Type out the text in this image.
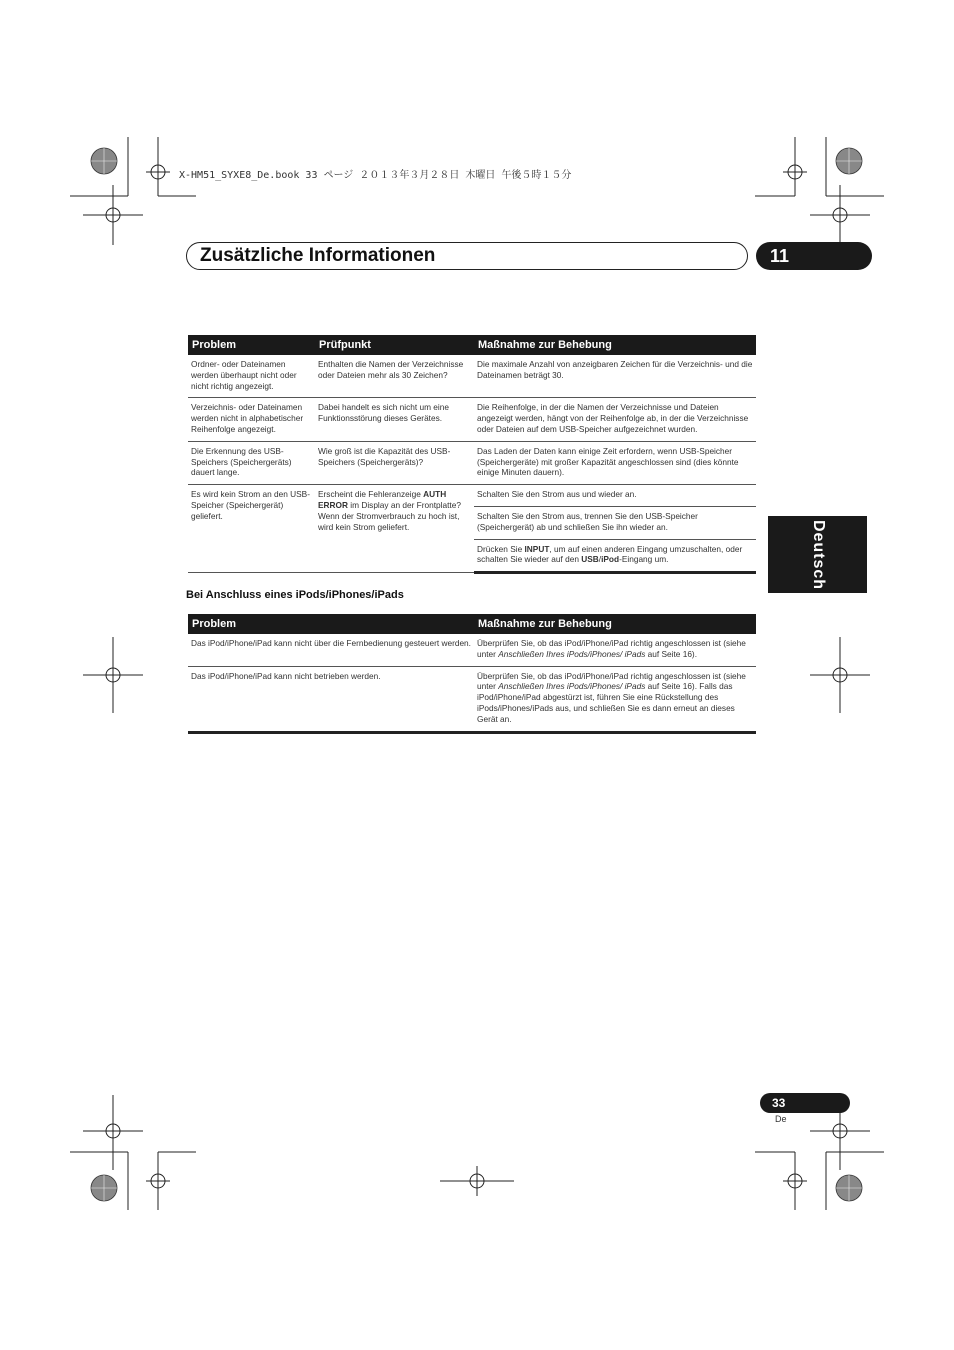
X-HM51_SYXE8_De.book 33 ページ ２０１３年３月２８日 木曜日 午後５時１５分
Zusätzliche Informationen	11
Deutsch
Problem	Prüfpunkt	Maßnahme zur Behebung
Ordner- oder Dateinamen werden überhaupt nicht oder nicht richtig angezeigt.	Enthalten die Namen der Verzeichnisse oder Dateien mehr als 30 Zeichen?	Die maximale Anzahl von anzeigbaren Zeichen für die Verzeichnis- und die Dateinamen beträgt 30.
Verzeichnis- oder Dateinamen werden nicht in alphabetischer Reihenfolge angezeigt.	Dabei handelt es sich nicht um eine Funktionsstörung dieses Gerätes.	Die Reihenfolge, in der die Namen der Verzeichnisse und Dateien angezeigt werden, hängt von der Reihenfolge ab, in der die Verzeichnisse oder Dateien auf dem USB-Speicher aufgezeichnet wurden.
Die Erkennung des USB-Speichers (Speichergeräts) dauert lange.	Wie groß ist die Kapazität des USB-Speichers (Speichergeräts)?	Das Laden der Daten kann einige Zeit erfordern, wenn USB-Speicher (Speichergeräte) mit großer Kapazität angeschlossen sind (dies könnte einige Minuten dauern).
Es wird kein Strom an den USB-Speicher (Speichergerät) geliefert.	Erscheint die Fehleranzeige AUTH ERROR im Display an der Frontplatte? Wenn der Stromverbrauch zu hoch ist, wird kein Strom geliefert.	Schalten Sie den Strom aus und wieder an.
		Schalten Sie den Strom aus, trennen Sie den USB-Speicher (Speichergerät) ab und schließen Sie ihn wieder an.
		Drücken Sie INPUT, um auf einen anderen Eingang umzuschalten, oder schalten Sie wieder auf den USB/iPod-Eingang um.
Bei Anschluss eines iPods/iPhones/iPads
Problem	Maßnahme zur Behebung
Das iPod/iPhone/iPad kann nicht über die Fernbedienung gesteuert werden.	Überprüfen Sie, ob das iPod/iPhone/iPad richtig angeschlossen ist (siehe unter Anschließen Ihres iPods/iPhones/ iPads auf Seite 16).
Das iPod/iPhone/iPad kann nicht betrieben werden.	Überprüfen Sie, ob das iPod/iPhone/iPad richtig angeschlossen ist (siehe unter Anschließen Ihres iPods/iPhones/ iPads auf Seite 16). Falls das iPod/iPhone/iPad abgestürzt ist, führen Sie eine Rückstellung des iPods/iPhones/iPads aus, und schließen Sie es dann erneut an dieses Gerät an.
33
De
